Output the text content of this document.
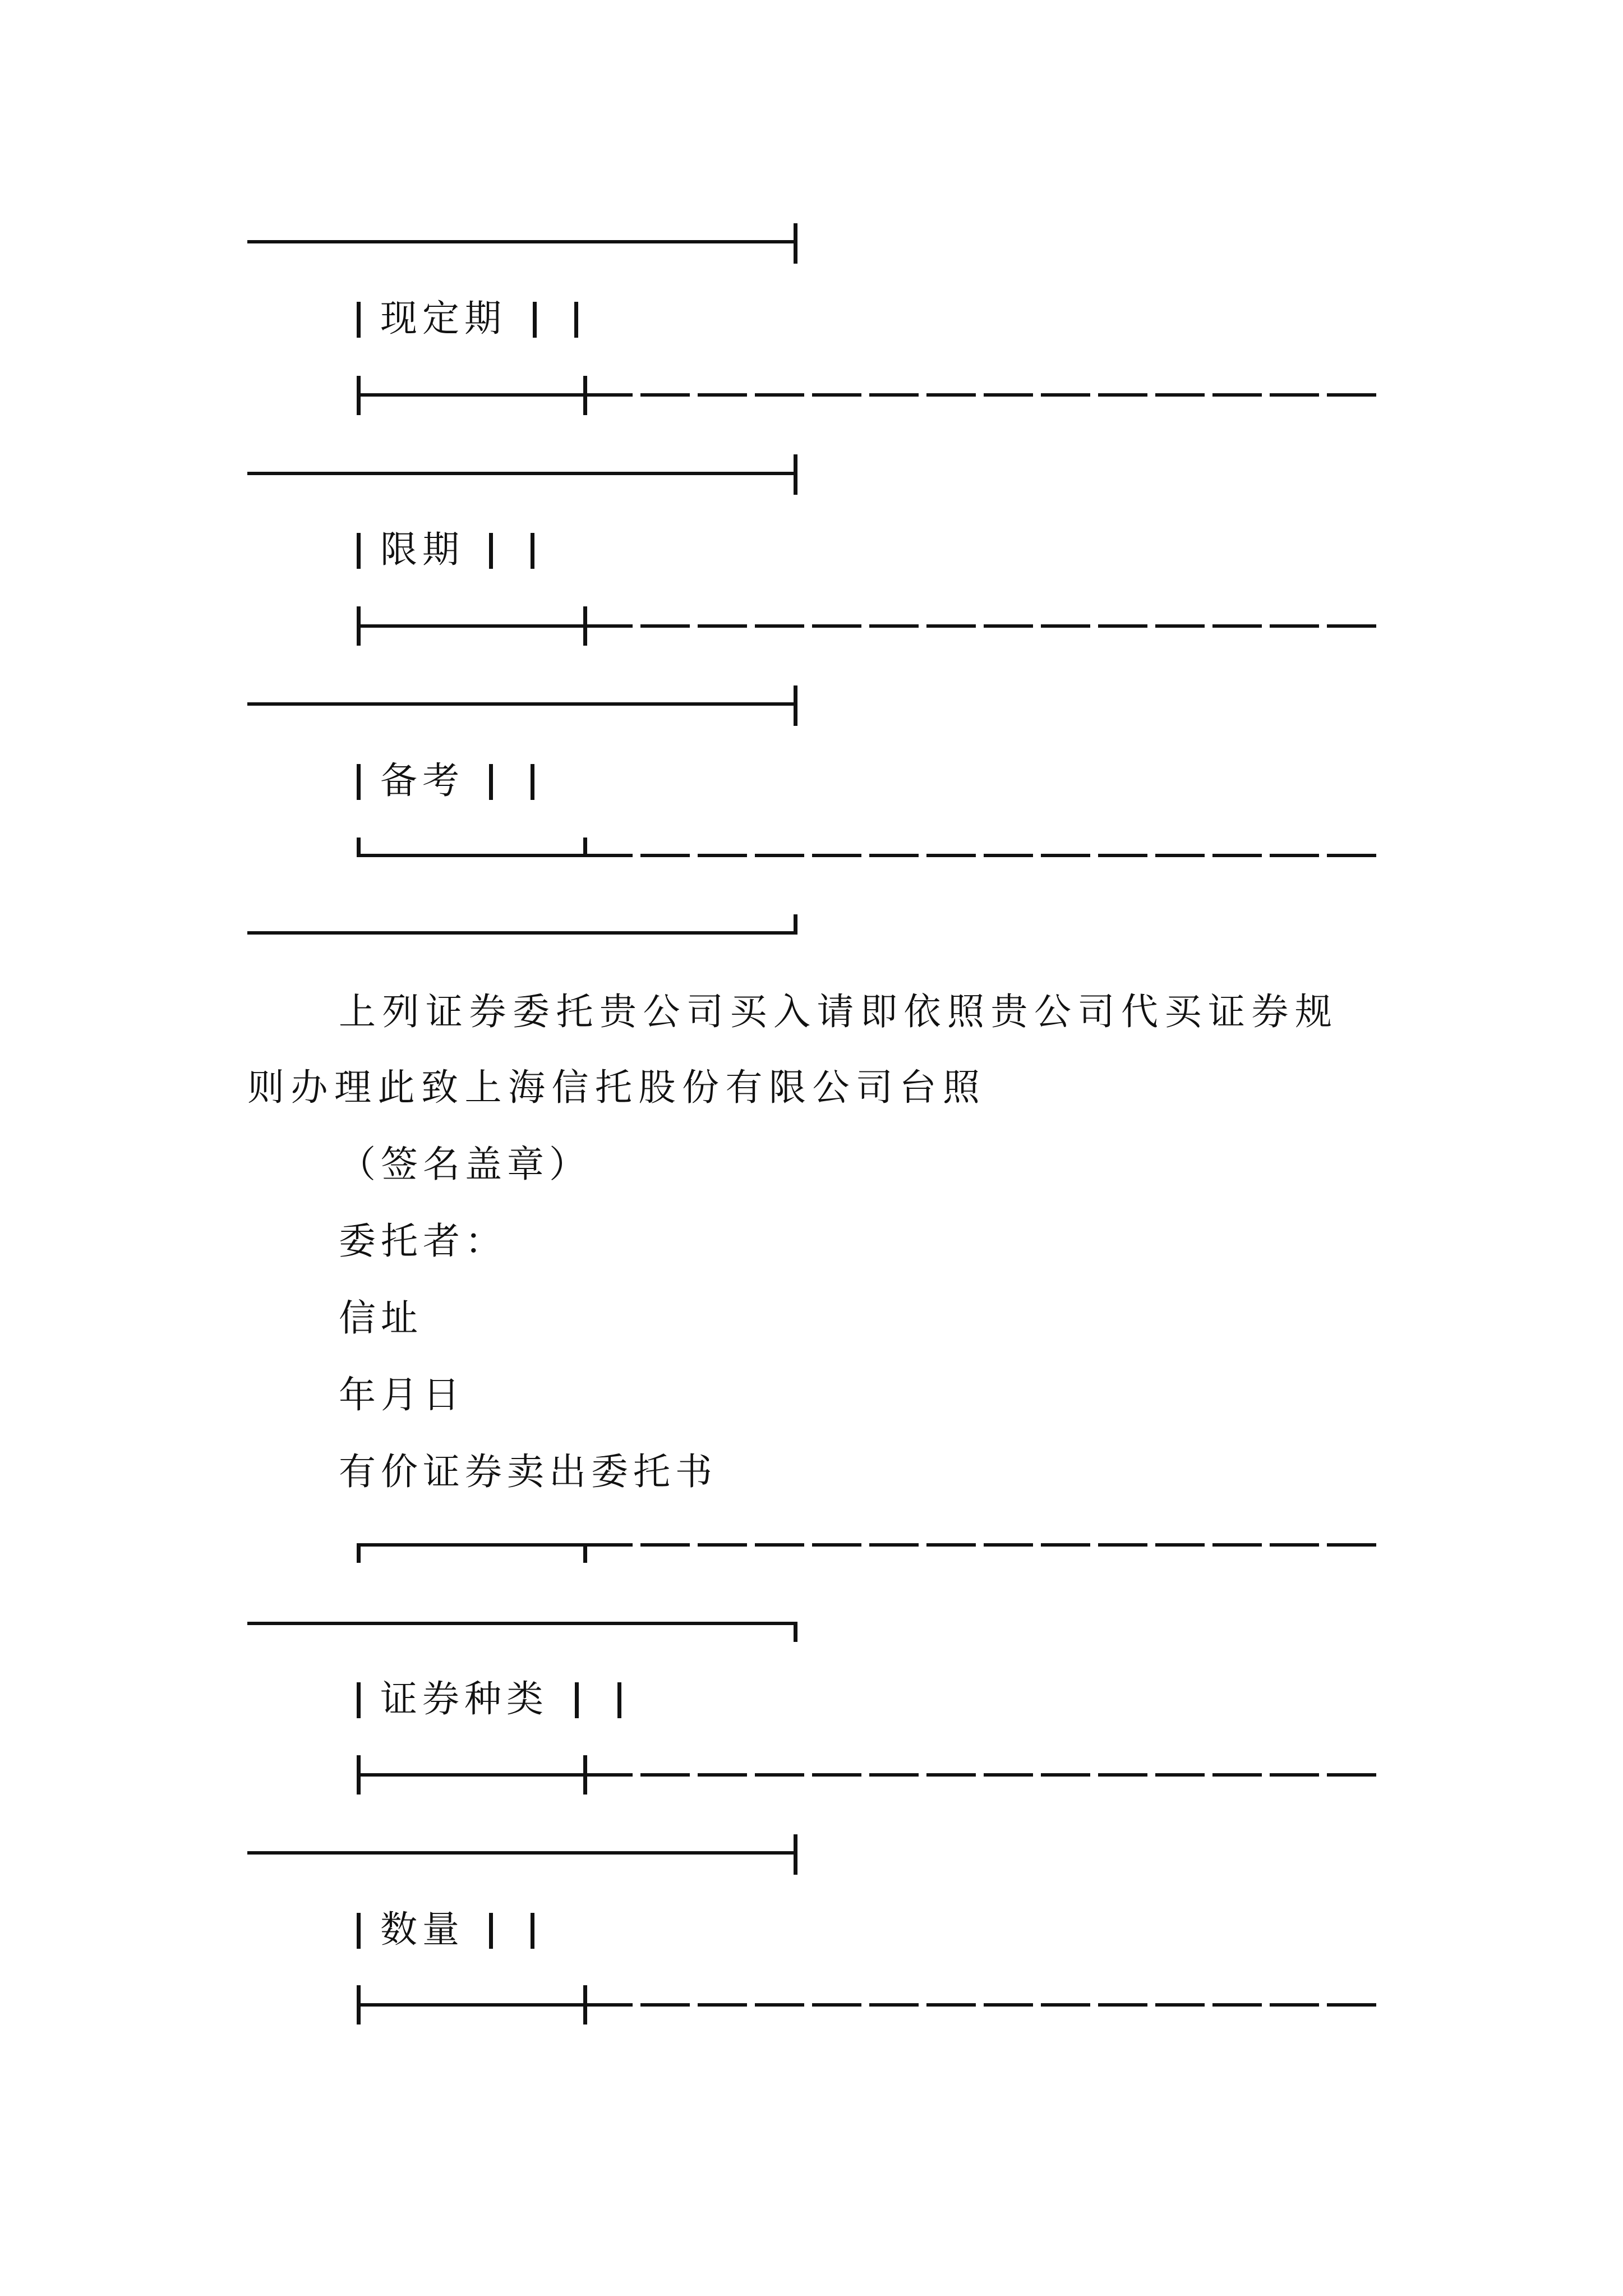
现定期
限期
备考
上列证券委托贵公司买入请即依照贵公司代买证券规
则办理此致上海信托股份有限公司台照
（签名盖章）
委托者：
信址
年月日
有价证券卖出委托书
证券种类
数量
